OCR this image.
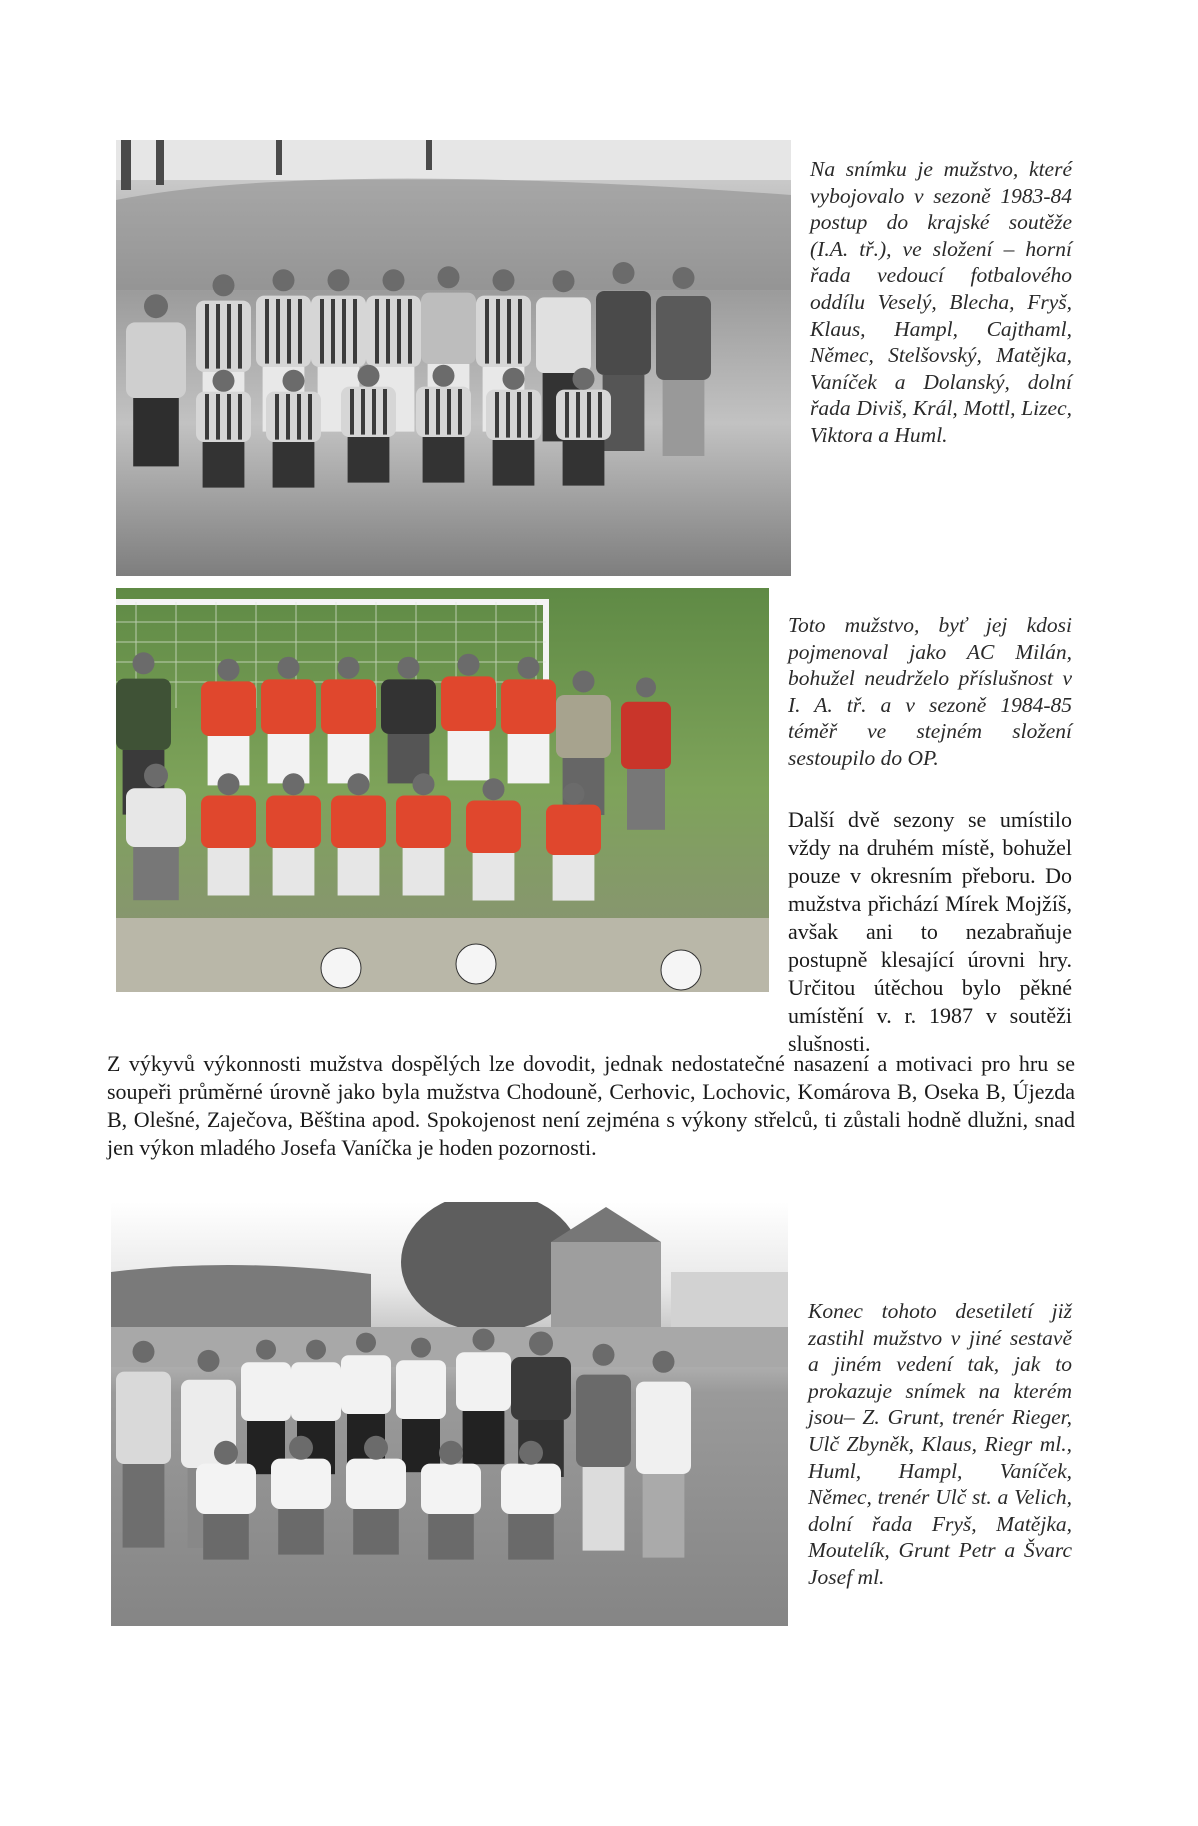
Na snímku je mužstvo, které vybojovalo v sezoně 1983-84 postup do krajské soutěže (I.A. tř.), ve složení – horní řada vedoucí fotbalového oddílu Veselý, Blecha, Fryš, Klaus, Hampl, Cajthaml, Němec, Stelšovský, Matějka, Vaníček a Dolanský, dolní řada Diviš, Král, Mottl, Lizec, Viktora a Huml.

Toto mužstvo, byť jej kdosi pojmenoval jako AC Milán, bohužel neudrželo příslušnost v I. A. tř. a v sezoně 1984-85 téměř ve stejném složení sestoupilo do OP.

Další dvě sezony se umístilo vždy na druhém místě, bohužel pouze v okresním přeboru. Do mužstva přichází Mírek Mojžíš, avšak ani to nezabraňuje postupně klesající úrovni hry. Určitou útěchou bylo pěkné umístění v. r. 1987 v soutěži slušnosti.

Z výkyvů výkonnosti mužstva dospělých lze dovodit, jednak nedostatečné nasazení a motivaci pro hru se soupeři průměrné úrovně jako byla mužstva Chodouně, Cerhovic, Lochovic, Komárova B, Oseka B, Újezda B, Olešné, Zaječova, Běština apod. Spokojenost není zejména s výkony střelců, ti zůstali hodně dlužni, snad jen výkon mladého Josefa Vaníčka je hoden pozornosti.

Konec tohoto desetiletí již zastihl mužstvo v jiné sestavě a jiném vedení tak, jak to prokazuje snímek na kterém jsou– Z. Grunt, trenér Rieger, Ulč Zbyněk, Klaus, Riegr ml., Huml, Hampl, Vaníček, Němec, trenér Ulč st. a Velich, dolní řada Fryš, Matějka, Moutelík, Grunt Petr a Švarc Josef ml.
